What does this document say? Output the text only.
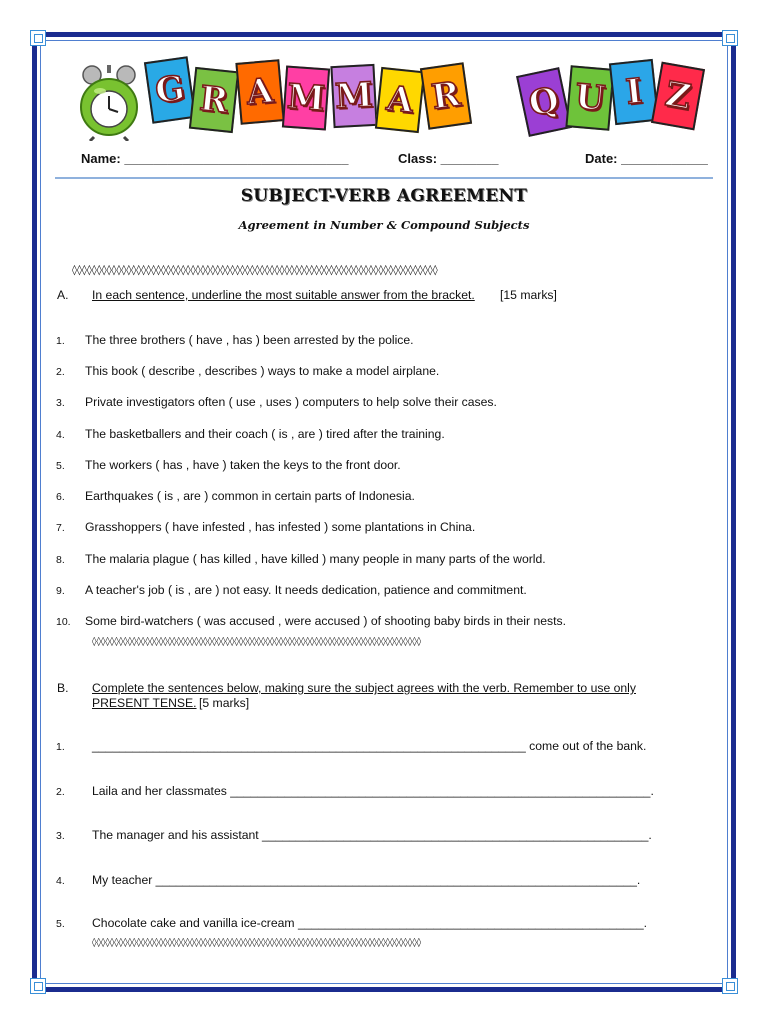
G R A M M A R Q U I Z
Name: _______________________________	Class: ________	Date: ____________
SUBJECT-VERB AGREEMENT
Agreement in Number & Compound Subjects
◊◊◊◊◊◊◊◊◊◊◊◊◊◊◊◊◊◊◊◊◊◊◊◊◊◊◊◊◊◊◊◊◊◊◊◊◊◊◊◊◊◊◊◊◊◊◊◊◊◊◊◊◊◊◊◊◊◊◊◊◊◊◊◊◊◊◊◊◊◊◊◊◊◊
A. In each sentence, underline the most suitable answer from the bracket. [15 marks]
1. The three brothers ( have , has ) been arrested by the police.
2. This book ( describe , describes ) ways to make a model airplane.
3. Private investigators often ( use , uses ) computers to help solve their cases.
4. The basketballers and their coach ( is , are ) tired after the training.
5. The workers ( has , have ) taken the keys to the front door.
6. Earthquakes ( is , are ) common in certain parts of Indonesia.
7. Grasshoppers ( have infested , has infested ) some plantations in China.
8. The malaria plague ( has killed , have killed ) many people in many parts of the world.
9. A teacher's job ( is , are ) not easy. It needs dedication, patience and commitment.
10. Some bird-watchers ( was accused , were accused ) of shooting baby birds in their nests.
◊◊◊◊◊◊◊◊◊◊◊◊◊◊◊◊◊◊◊◊◊◊◊◊◊◊◊◊◊◊◊◊◊◊◊◊◊◊◊◊◊◊◊◊◊◊◊◊◊◊◊◊◊◊◊◊◊◊◊◊◊◊◊◊◊◊◊◊◊◊◊◊◊◊
B. Complete the sentences below, making sure the subject agrees with the verb. Remember to use only
PRESENT TENSE. [5 marks]
1. ________________________________________________________________ come out of the bank.
2. Laila and her classmates ______________________________________________________________.
3. The manager and his assistant _________________________________________________________.
4. My teacher _______________________________________________________________________.
5. Chocolate cake and vanilla ice-cream ___________________________________________________.
◊◊◊◊◊◊◊◊◊◊◊◊◊◊◊◊◊◊◊◊◊◊◊◊◊◊◊◊◊◊◊◊◊◊◊◊◊◊◊◊◊◊◊◊◊◊◊◊◊◊◊◊◊◊◊◊◊◊◊◊◊◊◊◊◊◊◊◊◊◊◊◊◊◊
